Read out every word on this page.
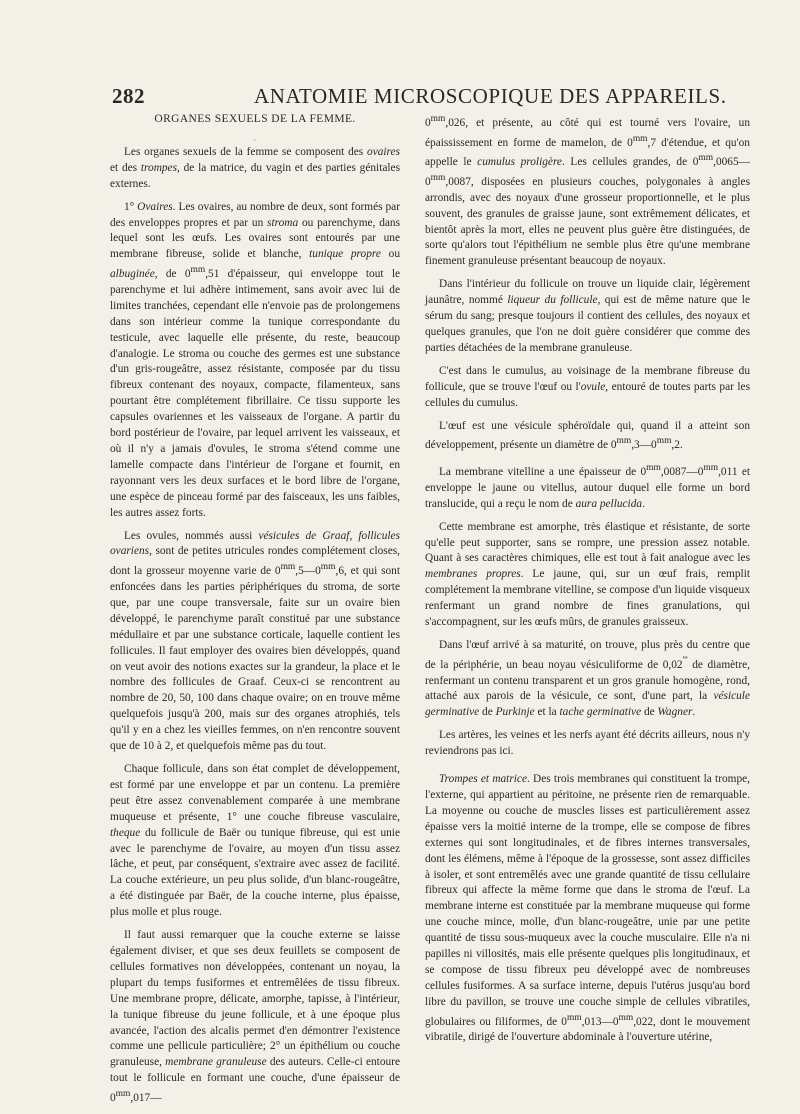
282	ANATOMIE MICROSCOPIQUE DES APPAREILS.
ORGANES SEXUELS DE LA FEMME.
·

Les organes sexuels de la femme se composent des ovaires et des trompes, de la matrice, du vagin et des parties génitales externes.

1° Ovaires. Les ovaires, au nombre de deux, sont formés par des enveloppes propres et par un stroma ou parenchyme, dans lequel sont les œufs. Les ovaires sont entourés par une membrane fibreuse, solide et blanche, tunique propre ou albuginée, de $0^{mm},51$ d'épaisseur, qui enveloppe tout le parenchyme et lui adhère intimement, sans avoir avec lui de limites tranchées, cependant elle n'envoie pas de prolongemens dans son intérieur comme la tunique correspondante du testicule, avec laquelle elle présente, du reste, beaucoup d'analogie. Le stroma ou couche des germes est une substance d'un gris-rougeâtre, assez résistante, composée par du tissu fibreux contenant des noyaux, compacte, filamenteux, sans pourtant être complétement fibrillaire. Ce tissu supporte les capsules ovariennes et les vaisseaux de l'organe. A partir du bord postérieur de l'ovaire, par lequel arrivent les vaisseaux, et où il n'y a jamais d'ovules, le stroma s'étend comme une lamelle compacte dans l'intérieur de l'organe et fournit, en rayonnant vers les deux surfaces et le bord libre de l'organe, une espèce de pinceau formé par des faisceaux, les uns faibles, les autres assez forts.

Les ovules, nommés aussi vésicules de Graaf, follicules ovariens, sont de petites utricules rondes complétement closes, dont la grosseur moyenne varie de $0^{mm},5—0^{mm},6$, et qui sont enfoncées dans les parties périphériques du stroma, de sorte que, par une coupe transversale, faite sur un ovaire bien développé, le parenchyme paraît constitué par une substance médullaire et par une substance corticale, laquelle contient les follicules. Il faut employer des ovaires bien développés, quand on veut avoir des notions exactes sur la grandeur, la place et le nombre des follicules de Graaf. Ceux-ci se rencontrent au nombre de 20, 50, 100 dans chaque ovaire; on en trouve même quelquefois jusqu'à 200, mais sur des organes atrophiés, tels qu'il y en a chez les vieilles femmes, on n'en rencontre souvent que de 10 à 2, et quelquefois même pas du tout.

Chaque follicule, dans son état complet de développement, est formé par une enveloppe et par un contenu. La première peut être assez convenablement comparée à une membrane muqueuse et présente, 1° une couche fibreuse vasculaire, theque du follicule de Baër ou tunique fibreuse, qui est unie avec le parenchyme de l'ovaire, au moyen d'un tissu assez lâche, et peut, par conséquent, s'extraire avec assez de facilité. La couche extérieure, un peu plus solide, d'un blanc-rougeâtre, a été distinguée par Baër, de la couche interne, plus épaisse, plus molle et plus rouge.

Il faut aussi remarquer que la couche externe se laisse également diviser, et que ses deux feuillets se composent de cellules formatives non développées, contenant un noyau, la plupart du temps fusiformes et entremêlées de tissu fibreux. Une membrane propre, délicate, amorphe, tapisse, à l'intérieur, la tunique fibreuse du jeune follicule, et à une époque plus avancée, l'action des alcalis permet d'en démontrer l'existence comme une pellicule particulière; 2° un épithélium ou couche granuleuse, membrane granuleuse des auteurs. Celle-ci entoure tout le follicule en formant une couche, d'une épaisseur de $0^{mm},017—$

$0^{mm},026$, et présente, au côté qui est tourné vers l'ovaire, un épaississement en forme de mamelon, de $0^{mm},7$ d'étendue, et qu'on appelle le cumulus proligère. Les cellules grandes, de $0^{mm},0065—0^{mm},0087$, disposées en plusieurs couches, polygonales à angles arrondis, avec des noyaux d'une grosseur proportionnelle, et le plus souvent, des granules de graisse jaune, sont extrêmement délicates, et bientôt après la mort, elles ne peuvent plus guère être distinguées, de sorte qu'alors tout l'épithélium ne semble plus être qu'une membrane finement granuleuse présentant beaucoup de noyaux.

Dans l'intérieur du follicule on trouve un liquide clair, légèrement jaunâtre, nommé liqueur du follicule, qui est de même nature que le sérum du sang; presque toujours il contient des cellules, des noyaux et quelques granules, que l'on ne doit guère considérer que comme des parties détachées de la membrane granuleuse.

C'est dans le cumulus, au voisinage de la membrane fibreuse du follicule, que se trouve l'œuf ou l'ovule, entouré de toutes parts par les cellules du cumulus.

L'œuf est une vésicule sphéroïdale qui, quand il a atteint son développement, présente un diamètre de $0^{mm},3—0^{mm},2$.

La membrane vitelline a une épaisseur de $0^{mm},0087—0^{mm},011$ et enveloppe le jaune ou vitellus, autour duquel elle forme un bord translucide, qui a reçu le nom de aura pellucida.

Cette membrane est amorphe, très élastique et résistante, de sorte qu'elle peut supporter, sans se rompre, une pression assez notable. Quant à ses caractères chimiques, elle est tout à fait analogue avec les membranes propres. Le jaune, qui, sur un œuf frais, remplit complétement la membrane vitelline, se compose d'un liquide visqueux renfermant un grand nombre de fines granulations, qui s'accompagnent, sur les œufs mûrs, de granules graisseux.

Dans l'œuf arrivé à sa maturité, on trouve, plus près du centre que de la périphérie, un beau noyau vésiculiforme de 0,02''' de diamètre, renfermant un contenu transparent et un gros granule homogène, rond, attaché aux parois de la vésicule, ce sont, d'une part, la vésicule germinative de Purkinje et la tache germinative de Wagner.

Les artères, les veines et les nerfs ayant été décrits ailleurs, nous n'y reviendrons pas ici.

Trompes et matrice. Des trois membranes qui constituent la trompe, l'externe, qui appartient au péritoine, ne présente rien de remarquable. La moyenne ou couche de muscles lisses est particulièrement assez épaisse vers la moitié interne de la trompe, elle se compose de fibres externes qui sont longitudinales, et de fibres internes transversales, dont les élémens, même à l'époque de la grossesse, sont assez difficiles à isoler, et sont entremêlés avec une grande quantité de tissu cellulaire fibreux qui affecte la même forme que dans le stroma de l'œuf. La membrane interne est constituée par la membrane muqueuse qui forme une couche mince, molle, d'un blanc-rougeâtre, unie par une petite quantité de tissu sous-muqueux avec la couche musculaire. Elle n'a ni papilles ni villosités, mais elle présente quelques plis longitudinaux, et se compose de tissu fibreux peu développé avec de nombreuses cellules fusiformes. A sa surface interne, depuis l'utérus jusqu'au bord libre du pavillon, se trouve une couche simple de cellules vibratiles, globulaires ou filiformes, de $0^{mm},013—0^{mm},022$, dont le mouvement vibratile, dirigé de l'ouverture abdominale à l'ouverture utérine,
